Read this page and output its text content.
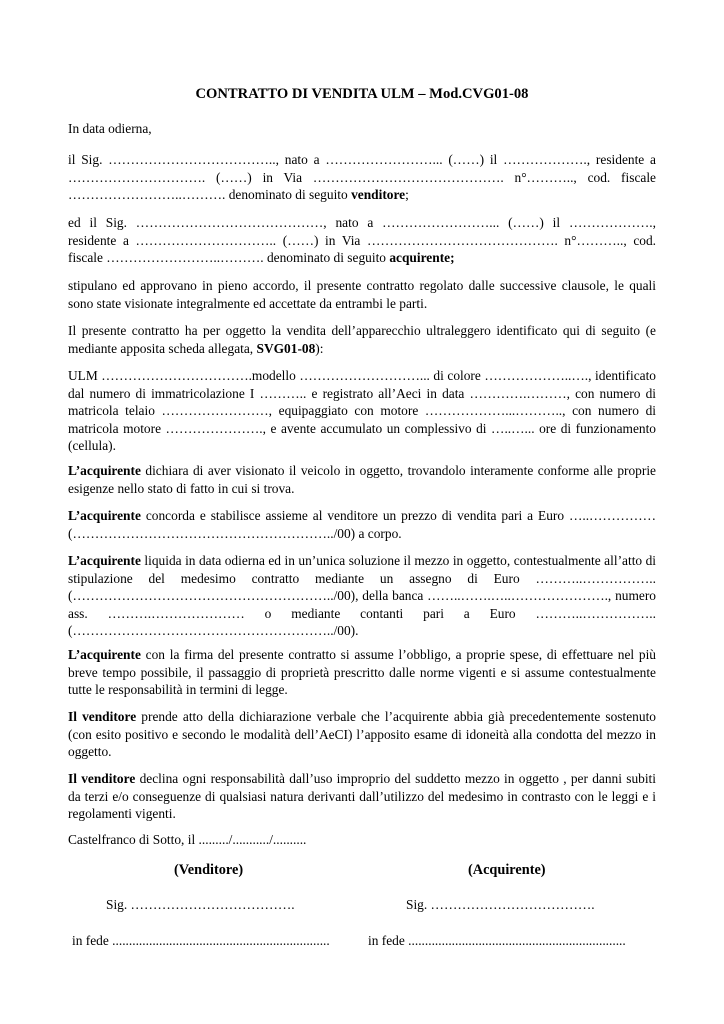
CONTRATTO DI VENDITA ULM – Mod.CVG01-08

In data odierna,

il Sig. ……………………………….., nato a ……………………... (……) il ………………., residente a …………………………. (……) in Via ……………………………………. n°……….., cod. fiscale ……………………..………. denominato di seguito venditore;

ed il Sig. ……………………………………, nato a ……………………... (……) il ………………., residente a ………………………….. (……) in Via ……………………………………. n°……….., cod. fiscale ……………………..………. denominato di seguito acquirente;

stipulano ed approvano in pieno accordo, il presente contratto regolato dalle successive clausole, le quali sono state visionate integralmente ed accettate da entrambi le parti.

Il presente contratto ha per oggetto la vendita dell’apparecchio ultraleggero identificato qui di seguito (e mediante apposita scheda allegata, SVG01-08):

ULM …………………………….modello ………………………... di colore ………………..…., identificato dal numero di immatricolazione I ……….. e registrato all’Aeci in data ………….………, con numero di matricola telaio ……………………, equipaggiato con motore ………………...……….., con numero di matricola motore …………………., e avente accumulato un complessivo di …..…... ore di funzionamento (cellula).

L’acquirente dichiara di aver visionato il veicolo in oggetto, trovandolo interamente conforme alle proprie esigenze nello stato di fatto in cui si trova.

L’acquirente concorda e stabilisce assieme al venditore un prezzo di vendita pari a Euro …..…………… (…………………………………………………../00) a corpo.

L’acquirente liquida in data odierna ed in un’unica soluzione il mezzo in oggetto, contestualmente all’atto di stipulazione del medesimo contratto mediante un assegno di Euro ………..…………….. (…………………………………………………../00), della banca ……..…….…..…………………., numero ass. ……….………………… o mediante contanti pari a Euro ………..…………….. (…………………………………………………../00).

L’acquirente con la firma del presente contratto si assume l’obbligo, a proprie spese, di effettuare nel più breve tempo possibile, il passaggio di proprietà prescritto dalle norme vigenti e si assume contestualmente tutte le responsabilità in termini di legge.

Il venditore prende atto della dichiarazione verbale che l’acquirente abbia già precedentemente sostenuto (con esito positivo e secondo le modalità dell’AeCI) l’apposito esame di idoneità alla condotta del mezzo in oggetto.

Il venditore declina ogni responsabilità dall’uso improprio del suddetto mezzo in oggetto , per danni subiti da terzi e/o conseguenze di qualsiasi natura derivanti dall’utilizzo del medesimo in contrasto con le leggi e i regolamenti vigenti.

Castelfranco di Sotto, il ........./.........../..........

(Venditore)	(Acquirente)
Sig. ……………………………….	Sig. ……………………………….
in fede .................................................................	in fede .................................................................
